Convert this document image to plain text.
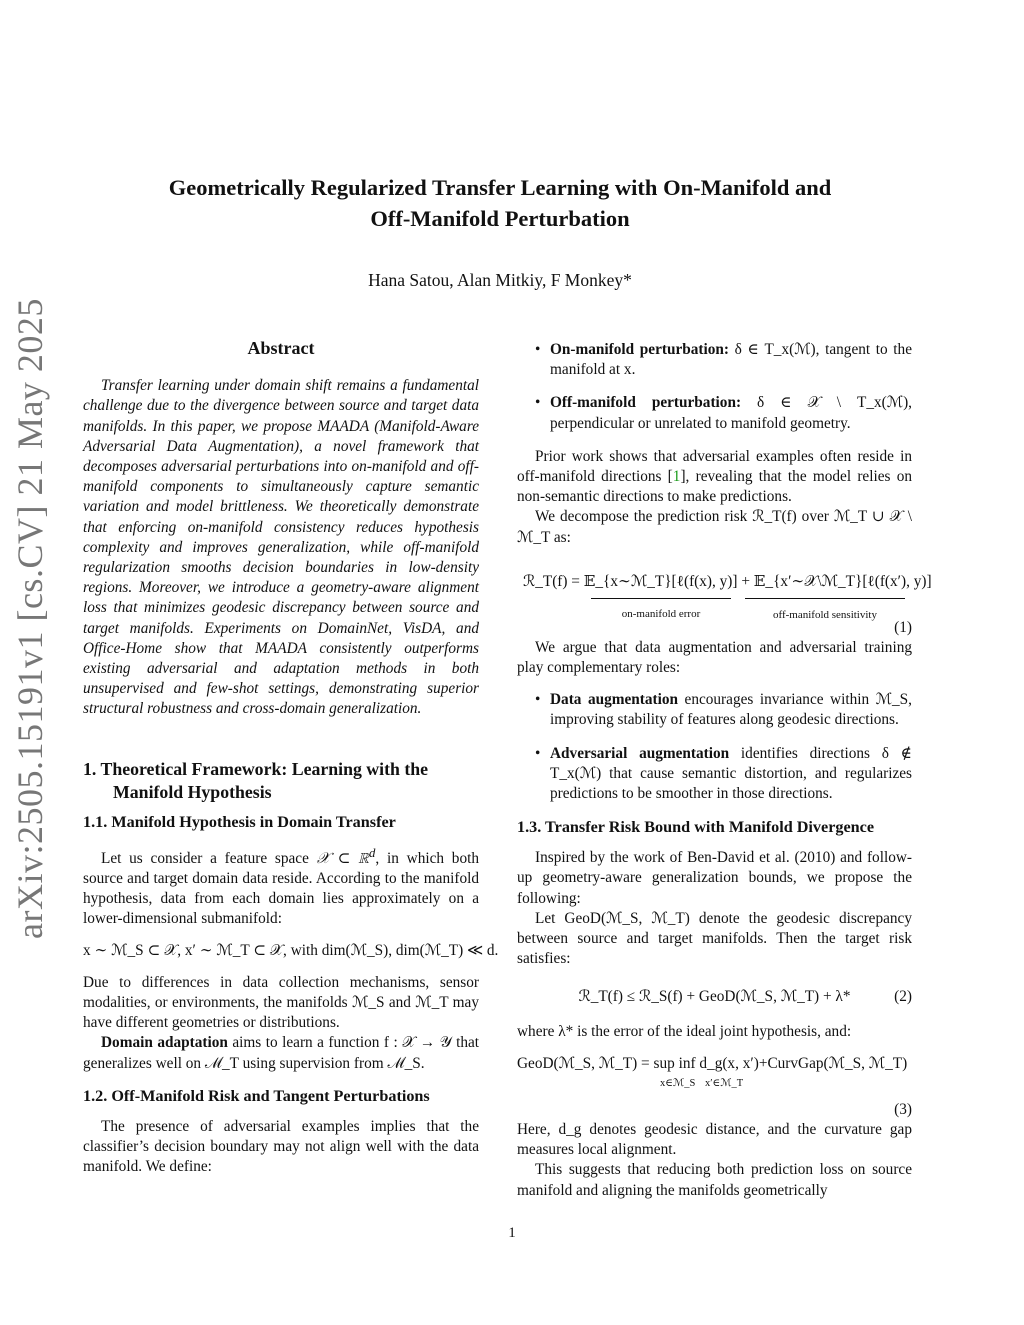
arXiv:2505.15191v1 [cs.CV] 21 May 2025
Geometrically Regularized Transfer Learning with On-Manifold and
Off-Manifold Perturbation
Hana Satou, Alan Mitkiy, F Monkey*
Abstract

Transfer learning under domain shift remains a fundamental challenge due to the divergence between source and target data manifolds. In this paper, we propose MAADA (Manifold-Aware Adversarial Data Augmentation), a novel framework that decomposes adversarial perturbations into on-manifold and off-manifold components to simultaneously capture semantic variation and model brittleness. We theoretically demonstrate that enforcing on-manifold consistency reduces hypothesis complexity and improves generalization, while off-manifold regularization smooths decision boundaries in low-density regions. Moreover, we introduce a geometry-aware alignment loss that minimizes geodesic discrepancy between source and target manifolds. Experiments on DomainNet, VisDA, and Office-Home show that MAADA consistently outperforms existing adversarial and adaptation methods in both unsupervised and few-shot settings, demonstrating superior structural robustness and cross-domain generalization.

1. Theoretical Framework: Learning with the Manifold Hypothesis
1.1. Manifold Hypothesis in Domain Transfer

Let us consider a feature space 𝒳 ⊂ ℝ$^d$, in which both source and target domain data reside. According to the manifold hypothesis, data from each domain lies approximately on a lower-dimensional submanifold:

x ∼ ℳ_S ⊂ 𝒳, x′ ∼ ℳ_T ⊂ 𝒳, with dim(ℳ_S), dim(ℳ_T) ≪ d.

Due to differences in data collection mechanisms, sensor modalities, or environments, the manifolds ℳ_S and ℳ_T may have different geometries or distributions.

Domain adaptation aims to learn a function f : 𝒳 → 𝒴 that generalizes well on ℳ_T using supervision from ℳ_S.

1.2. Off-Manifold Risk and Tangent Perturbations

The presence of adversarial examples implies that the classifier’s decision boundary may not align well with the data manifold. We define:

• On-manifold perturbation: δ ∈ T_x(ℳ), tangent to the manifold at x.
• Off-manifold perturbation: δ ∈ 𝒳 \ T_x(ℳ), perpendicular or unrelated to manifold geometry.

Prior work shows that adversarial examples often reside in off-manifold directions [1], revealing that the model relies on non-semantic directions to make predictions.

We decompose the prediction risk ℛ_T(f) over ℳ_T ∪ 𝒳 \ ℳ_T as:

ℛ_T(f) = 𝔼_{x∼ℳ_T}[ℓ(f(x), y)] + 𝔼_{x′∼𝒳\ℳ_T}[ℓ(f(x′), y)]
on-manifold error	off-manifold sensitivity
(1)

We argue that data augmentation and adversarial training play complementary roles:

• Data augmentation encourages invariance within ℳ_S, improving stability of features along geodesic directions.
• Adversarial augmentation identifies directions δ ∉ T_x(ℳ) that cause semantic distortion, and regularizes predictions to be smoother in those directions.
1.3. Transfer Risk Bound with Manifold Divergence

Inspired by the work of Ben-David et al. (2010) and follow-up geometry-aware generalization bounds, we propose the following:

Let GeoD(ℳ_S, ℳ_T) denote the geodesic discrepancy between source and target manifolds. Then the target risk satisfies:

ℛ_T(f) ≤ ℛ_S(f) + GeoD(ℳ_S, ℳ_T) + λ*	(2)

where λ* is the error of the ideal joint hypothesis, and:

GeoD(ℳ_S, ℳ_T) = sup inf d_g(x, x′)+CurvGap(ℳ_S, ℳ_T)
x∈ℳ_S x′∈ℳ_T
(3)

Here, d_g denotes geodesic distance, and the curvature gap measures local alignment.

This suggests that reducing both prediction loss on source manifold and aligning the manifolds geometrically

1
